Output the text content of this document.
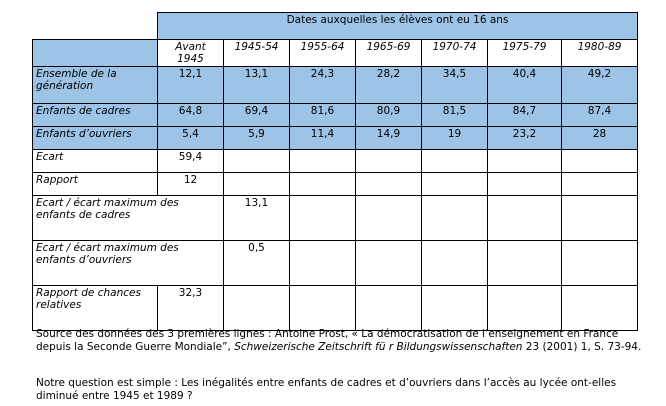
	Dates auxquelles les élèves ont eu 16 ans						
	Avant 1945	1945-54	1955-64	1965-69	1970-74	1975-79	1980-89
Ensemble de la génération	12,1	13,1	24,3	28,2	34,5	40,4	49,2
Enfants de cadres	64,8	69,4	81,6	80,9	81,5	84,7	87,4
Enfants d’ouvriers	5,4	5,9	11,4	14,9	19	23,2	28
Ecart	59,4						
Rapport	12						
Ecart / écart maximum des enfants de cadres		13,1					
Ecart / écart maximum des enfants d’ouvriers		0,5					
Rapport de chances relatives	32,3						
Source des données des 3 premières lignes : Antoine Prost, « La démocratisation de l’enseignement en France depuis la Seconde Guerre Mondiale”, Schweizerische Zeitschrift fü r Bildungswissenschaften 23 (2001) 1, S. 73-94.
Notre question est simple : Les inégalités entre enfants de cadres et d’ouvriers dans l’accès au lycée ont-elles diminué entre 1945 et 1989 ?
